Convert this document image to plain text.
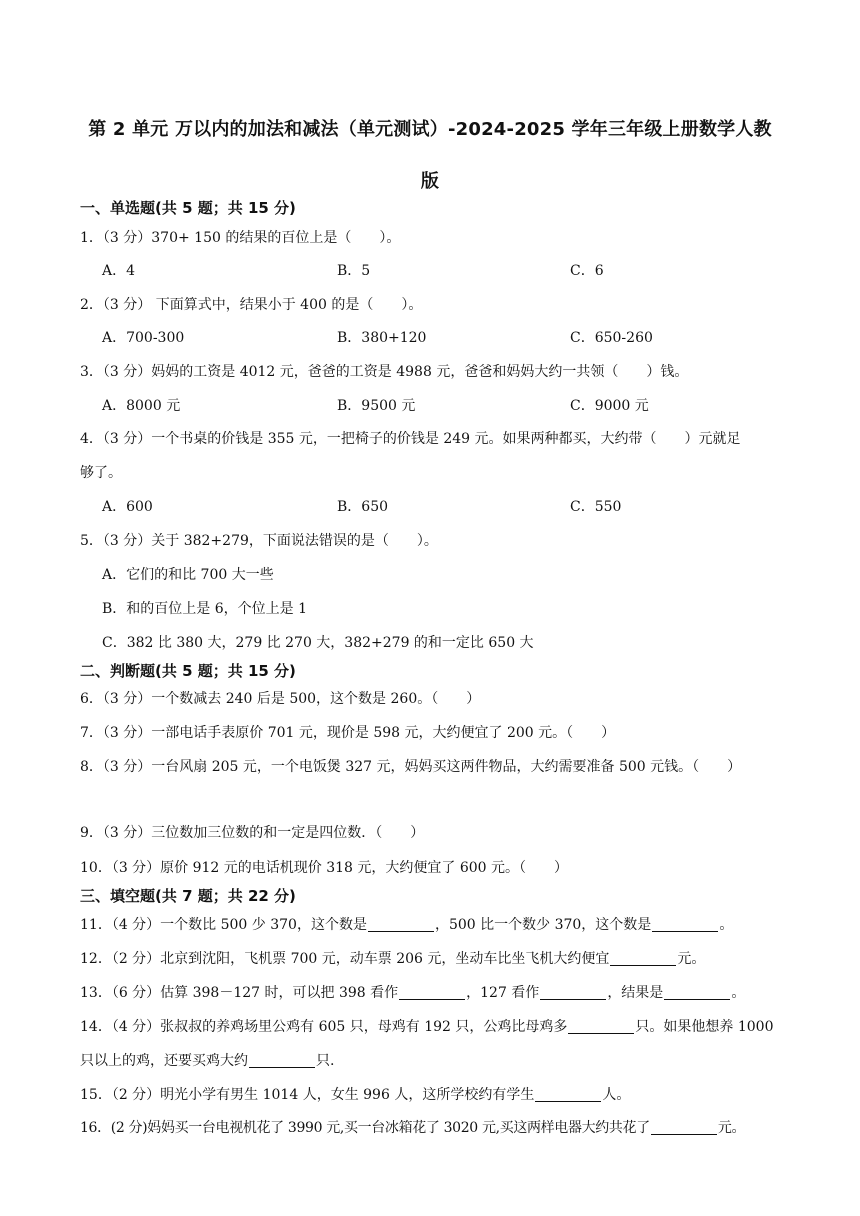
第 2 单元 万以内的加法和减法（单元测试）-2024-2025 学年三年级上册数学人教
版
一、单选题(共 5 题；共 15 分)
1．（3 分）370+ 150 的结果的百位上是（　　）。
A．4	B．5	C．6
2．（3 分） 下面算式中，结果小于 400 的是（　　）。
A．700-300	B．380+120	C．650-260
3．（3 分）妈妈的工资是 4012 元，爸爸的工资是 4988 元，爸爸和妈妈大约一共领（　　）钱。
A．8000 元	B．9500 元	C．9000 元
4．（3 分）一个书桌的价钱是 355 元，一把椅子的价钱是 249 元。如果两种都买，大约带（　　）元就足
够了。
A．600	B．650	C．550
5．（3 分）关于 382+279，下面说法错误的是（　　）。
A．它们的和比 700 大一些
B．和的百位上是 6，个位上是 1
C．382 比 380 大，279 比 270 大，382+279 的和一定比 650 大
二、判断题(共 5 题；共 15 分)
6．（3 分）一个数减去 240 后是 500，这个数是 260。（　　）
7．（3 分）一部电话手表原价 701 元，现价是 598 元，大约便宜了 200 元。（　　）
8．（3 分）一台风扇 205 元，一个电饭煲 327 元，妈妈买这两件物品，大约需要准备 500 元钱。（　　）
9．（3 分）三位数加三位数的和一定是四位数．（　　）
10．（3 分）原价 912 元的电话机现价 318 元，大约便宜了 600 元。（　　）
三、填空题(共 7 题；共 22 分)
11．（4 分）一个数比 500 少 370，这个数是	，500 比一个数少 370，这个数是	。
12．（2 分）北京到沈阳，飞机票 700 元，动车票 206 元，坐动车比坐飞机大约便宜	元。
13．（6 分）估算 398－127 时，可以把 398 看作	，127 看作	，结果是	。
14．（4 分）张叔叔的养鸡场里公鸡有 605 只，母鸡有 192 只，公鸡比母鸡多	只。如果他想养 1000
只以上的鸡，还要买鸡大约	只.
15．（2 分）明光小学有男生 1014 人，女生 996 人，这所学校约有学生	人。
16．(2 分)妈妈买一台电视机花了 3990 元,买一台冰箱花了 3020 元,买这两样电器大约共花了	元。
